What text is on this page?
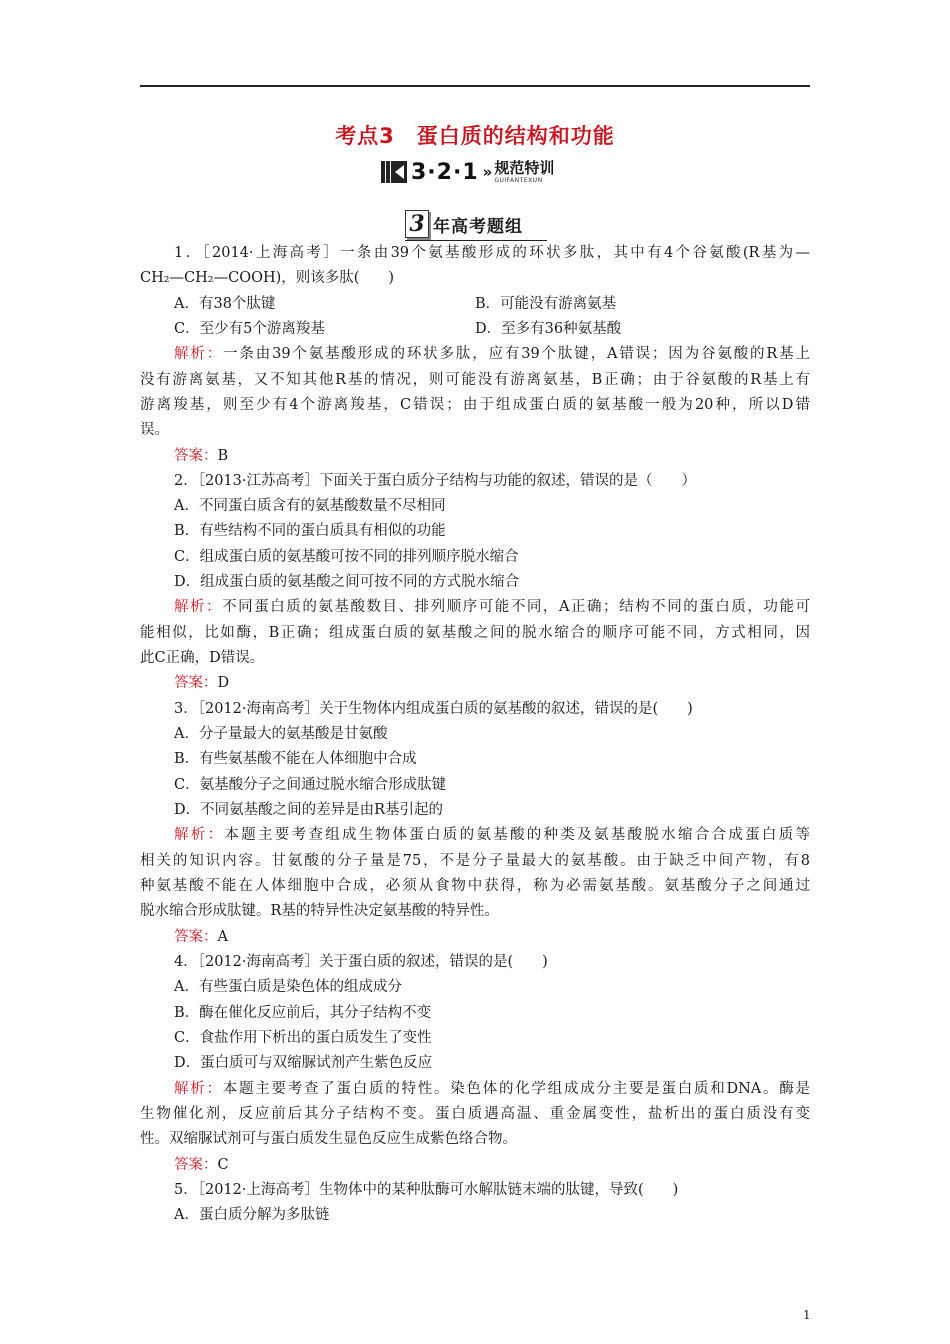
考点3　蛋白质的结构和功能
3·2·1 » 规范特训
GUIFANTEXUN
3 年高考题组
1．［2014·上海高考］一条由39个氨基酸形成的环状多肽，其中有4个谷氨酸(R基为—
CH₂—CH₂—COOH)，则该多肽(　　)
A．有38个肽键	B．可能没有游离氨基
C．至少有5个游离羧基	D．至多有36种氨基酸
解析：一条由39个氨基酸形成的环状多肽，应有39个肽键，A错误；因为谷氨酸的R基上
没有游离氨基，又不知其他R基的情况，则可能没有游离氨基，B正确；由于谷氨酸的R基上有
游离羧基，则至少有4个游离羧基，C错误；由于组成蛋白质的氨基酸一般为20种，所以D错
误。
答案：B
2．［2013·江苏高考］下面关于蛋白质分子结构与功能的叙述，错误的是（　　）
A．不同蛋白质含有的氨基酸数量不尽相同
B．有些结构不同的蛋白质具有相似的功能
C．组成蛋白质的氨基酸可按不同的排列顺序脱水缩合
D．组成蛋白质的氨基酸之间可按不同的方式脱水缩合
解析：不同蛋白质的氨基酸数目、排列顺序可能不同，A正确；结构不同的蛋白质，功能可
能相似，比如酶，B正确；组成蛋白质的氨基酸之间的脱水缩合的顺序可能不同，方式相同，因
此C正确，D错误。
答案：D
3．［2012·海南高考］关于生物体内组成蛋白质的氨基酸的叙述，错误的是(　　)
A．分子量最大的氨基酸是甘氨酸
B．有些氨基酸不能在人体细胞中合成
C．氨基酸分子之间通过脱水缩合形成肽键
D．不同氨基酸之间的差异是由R基引起的
解析：本题主要考查组成生物体蛋白质的氨基酸的种类及氨基酸脱水缩合合成蛋白质等
相关的知识内容。甘氨酸的分子量是75，不是分子量最大的氨基酸。由于缺乏中间产物，有8
种氨基酸不能在人体细胞中合成，必须从食物中获得，称为必需氨基酸。氨基酸分子之间通过
脱水缩合形成肽键。R基的特异性决定氨基酸的特异性。
答案：A
4．［2012·海南高考］关于蛋白质的叙述，错误的是(　　)
A．有些蛋白质是染色体的组成成分
B．酶在催化反应前后，其分子结构不变
C．食盐作用下析出的蛋白质发生了变性
D．蛋白质可与双缩脲试剂产生紫色反应
解析：本题主要考查了蛋白质的特性。染色体的化学组成成分主要是蛋白质和DNA。酶是
生物催化剂，反应前后其分子结构不变。蛋白质遇高温、重金属变性，盐析出的蛋白质没有变
性。双缩脲试剂可与蛋白质发生显色反应生成紫色络合物。
答案：C
5．［2012·上海高考］生物体中的某种肽酶可水解肽链末端的肽键，导致(　　)
A．蛋白质分解为多肽链
1
